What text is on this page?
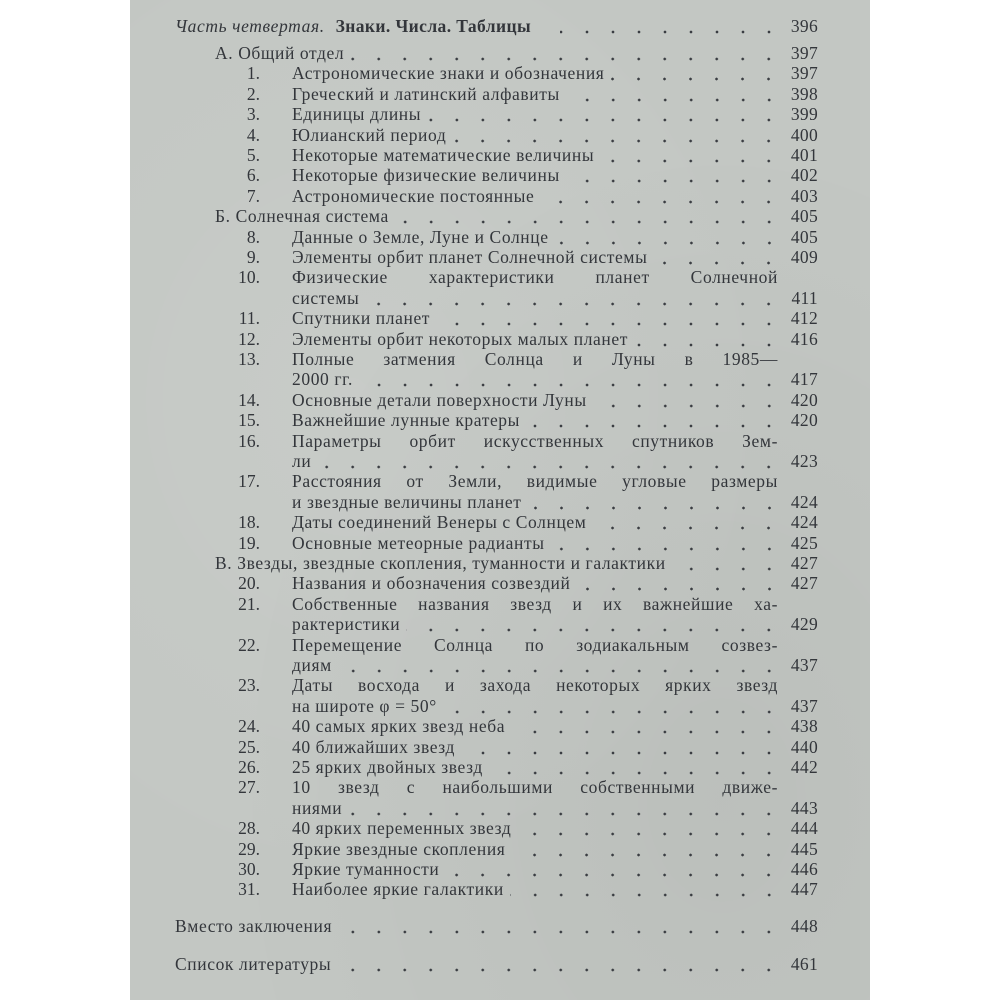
Часть четвертая. Знаки. Числа. Таблицы	396
А. Общий отдел	397
1. Астрономические знаки и обозначения	397
2. Греческий и латинский алфавиты	398
3. Единицы длины	399
4. Юлианский период	400
5. Некоторые математические величины	401
6. Некоторые физические величины	402
7. Астрономические постоянные	403
Б. Солнечная система	405
8. Данные о Земле, Луне и Солнце	405
9. Элементы орбит планет Солнечной системы	409
10. Физические характеристики планет Солнечной
системы	411
11. Спутники планет	412
12. Элементы орбит некоторых малых планет	416
13. Полные затмения Солнца и Луны в 1985—
2000 гг.	417
14. Основные детали поверхности Луны	420
15. Важнейшие лунные кратеры	420
16. Параметры орбит искусственных спутников Зем-
ли	423
17. Расстояния от Земли, видимые угловые размеры
и звездные величины планет	424
18. Даты соединений Венеры с Солнцем	424
19. Основные метеорные радианты	425
В. Звезды, звездные скопления, туманности и галактики	427
20. Названия и обозначения созвездий	427
21. Собственные названия звезд и их важнейшие ха-
рактеристики	429
22. Перемещение Солнца по зодиакальным созвез-
диям	437
23. Даты восхода и захода некоторых ярких звезд
на широте φ = 50°	437
24. 40 самых ярких звезд неба	438
25. 40 ближайших звезд	440
26. 25 ярких двойных звезд	442
27. 10 звезд с наибольшими собственными движе-
ниями	443
28. 40 ярких переменных звезд	444
29. Яркие звездные скопления	445
30. Яркие туманности	446
31. Наиболее яркие галактики	447
Вместо заключения	448
Список литературы	461
